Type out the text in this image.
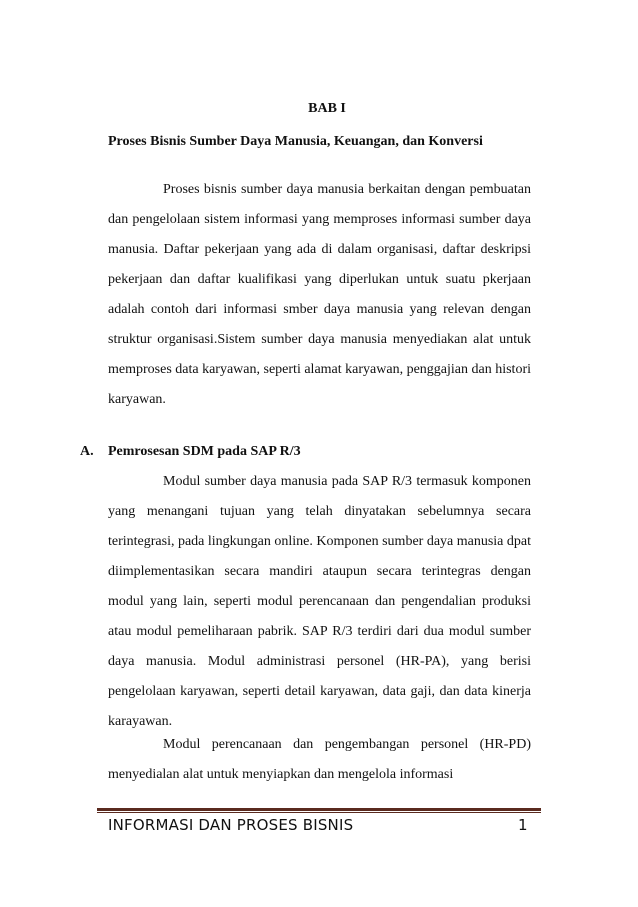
BAB I
Proses Bisnis Sumber Daya Manusia, Keuangan, dan Konversi

Proses bisnis sumber daya manusia berkaitan dengan pembuatan dan pengelolaan sistem informasi yang memproses informasi sumber daya manusia. Daftar pekerjaan yang ada di dalam organisasi, daftar deskripsi pekerjaan dan daftar kualifikasi yang diperlukan untuk suatu pkerjaan adalah contoh dari informasi smber daya manusia yang relevan dengan struktur organisasi.Sistem sumber daya manusia menyediakan alat untuk memproses data karyawan, seperti alamat karyawan, penggajian dan histori karyawan.

A. Pemrosesan SDM pada SAP R/3

Modul sumber daya manusia pada SAP R/3 termasuk komponen yang menangani tujuan yang telah dinyatakan sebelumnya secara terintegrasi, pada lingkungan online. Komponen sumber daya manusia dpat diimplementasikan secara mandiri ataupun secara terintegras dengan modul yang lain, seperti modul perencanaan dan pengendalian produksi atau modul pemeliharaan pabrik. SAP R/3 terdiri dari dua modul sumber daya manusia. Modul administrasi personel (HR-PA), yang berisi pengelolaan karyawan, seperti detail karyawan, data gaji, dan data kinerja karayawan.

Modul perencanaan dan pengembangan personel (HR-PD) menyedialan alat untuk menyiapkan dan mengelola informasi

INFORMASI DAN PROSES BISNIS	1
